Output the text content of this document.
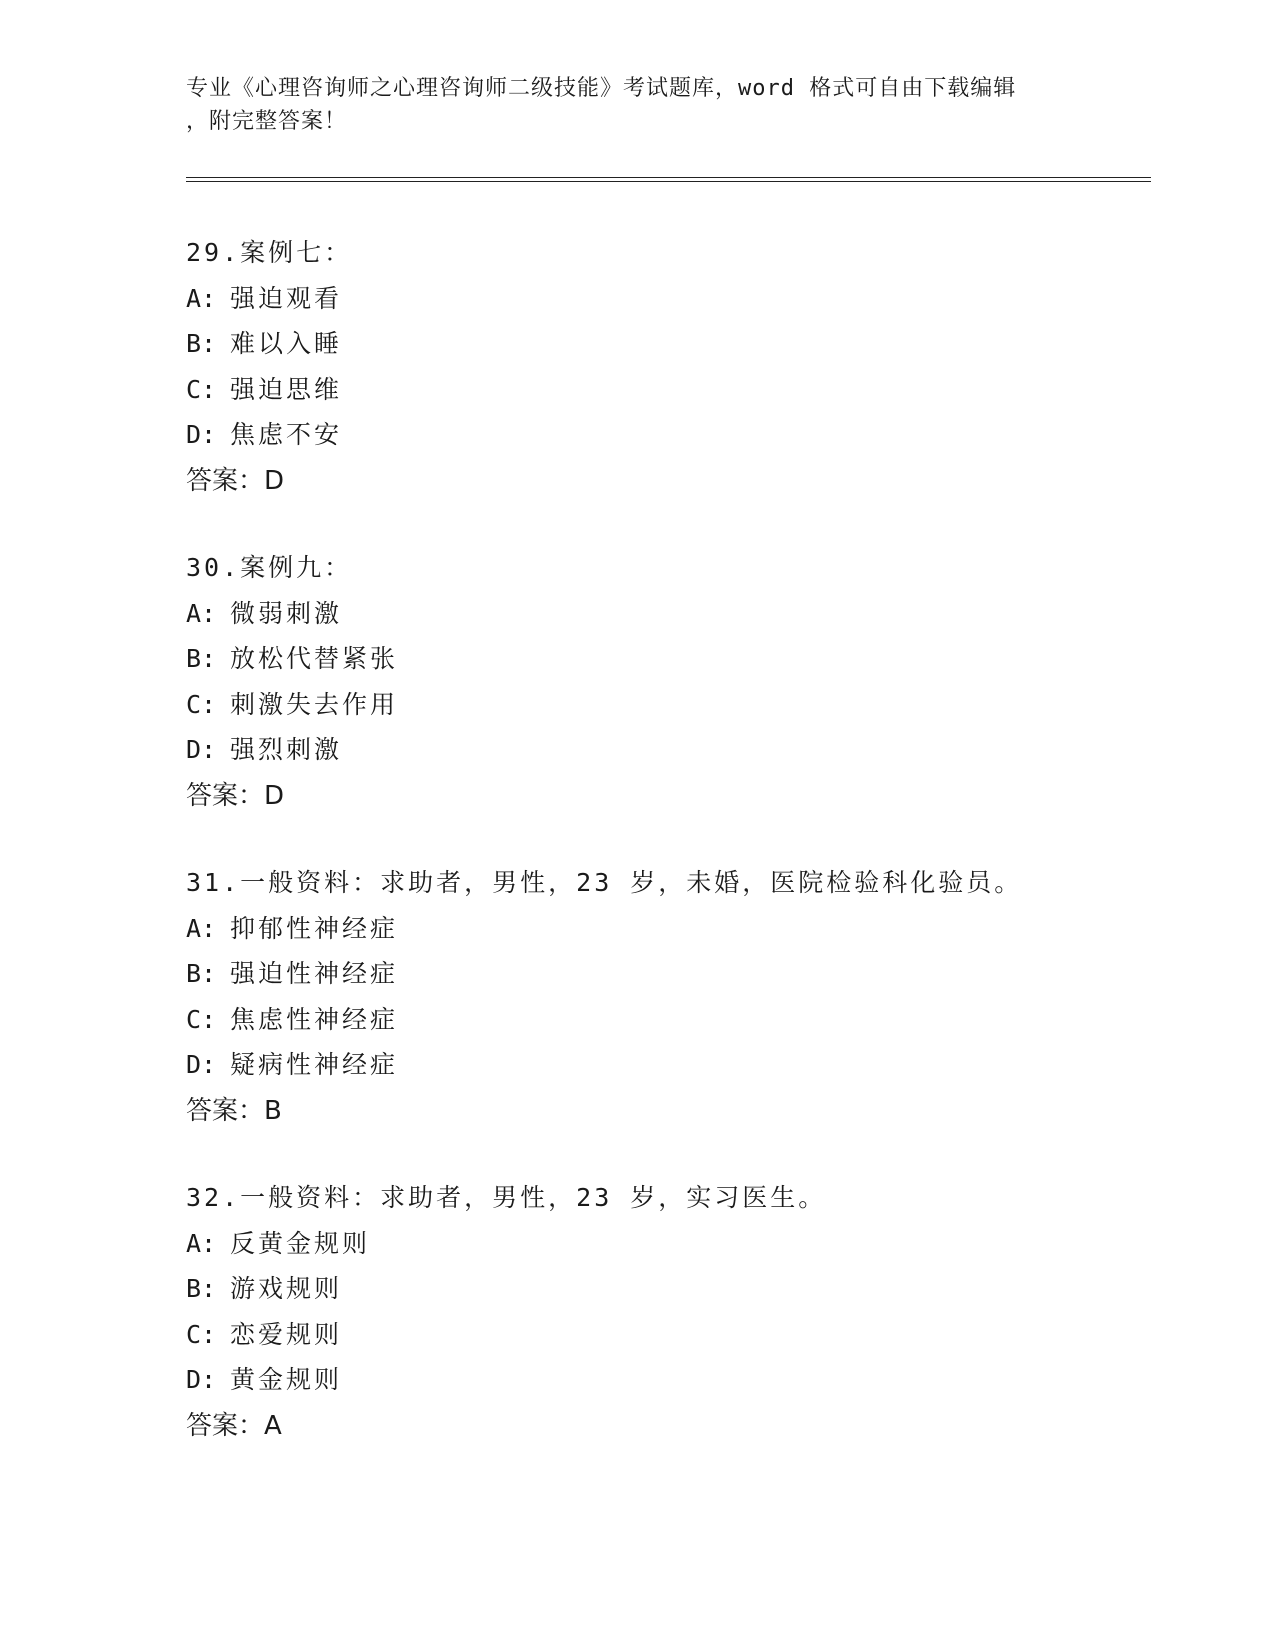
专业《心理咨询师之心理咨询师二级技能》考试题库，word 格式可自由下载编辑
，附完整答案！
29.案例七：
A: 强迫观看
B: 难以入睡
C: 强迫思维
D: 焦虑不安
答案：D
30.案例九：
A: 微弱刺激
B: 放松代替紧张
C: 刺激失去作用
D: 强烈刺激
答案：D
31.一般资料：求助者，男性，23 岁，未婚，医院检验科化验员。
A: 抑郁性神经症
B: 强迫性神经症
C: 焦虑性神经症
D: 疑病性神经症
答案：B
32.一般资料：求助者，男性，23 岁，实习医生。
A: 反黄金规则
B: 游戏规则
C: 恋爱规则
D: 黄金规则
答案：A
